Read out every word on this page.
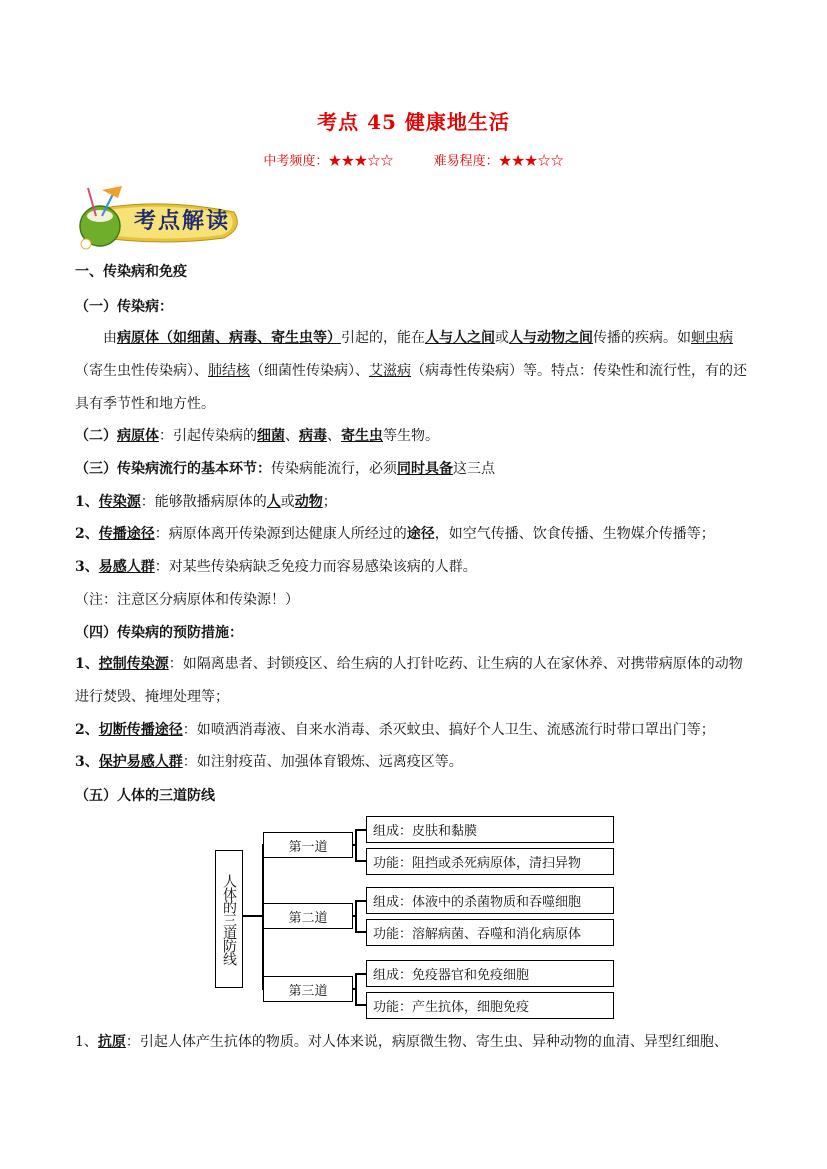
考点 45 健康地生活
中考频度：★★★☆☆	难易程度：★★★☆☆
考点解读
一、传染病和免疫
（一）传染病：
由病原体（如细菌、病毒、寄生虫等）引起的，能在人与人之间或人与动物之间传播的疾病。如蛔虫病（寄生虫性传染病）、肺结核（细菌性传染病）、艾滋病（病毒性传染病）等。特点：传染性和流行性，有的还具有季节性和地方性。
（二）病原体：引起传染病的细菌、病毒、寄生虫等生物。
（三）传染病流行的基本环节：传染病能流行，必须同时具备这三点
1、传染源：能够散播病原体的人或动物；
2、传播途径：病原体离开传染源到达健康人所经过的途径，如空气传播、饮食传播、生物媒介传播等；
3、易感人群：对某些传染病缺乏免疫力而容易感染该病的人群。
（注：注意区分病原体和传染源！）
（四）传染病的预防措施：
1、控制传染源：如隔离患者、封锁疫区、给生病的人打针吃药、让生病的人在家休养、对携带病原体的动物进行焚毁、掩埋处理等；
2、切断传播途径：如喷洒消毒液、自来水消毒、杀灭蚊虫、搞好个人卫生、流感流行时带口罩出门等；
3、保护易感人群：如注射疫苗、加强体育锻炼、远离疫区等。
（五）人体的三道防线
人体的三道防线
第一道
第二道
第三道
组成：皮肤和黏膜
功能：阻挡或杀死病原体，清扫异物
组成：体液中的杀菌物质和吞噬细胞
功能：溶解病菌、吞噬和消化病原体
组成：免疫器官和免疫细胞
功能：产生抗体，细胞免疫
1、抗原：引起人体产生抗体的物质。对人体来说，病原微生物、寄生虫、异种动物的血清、异型红细胞、
